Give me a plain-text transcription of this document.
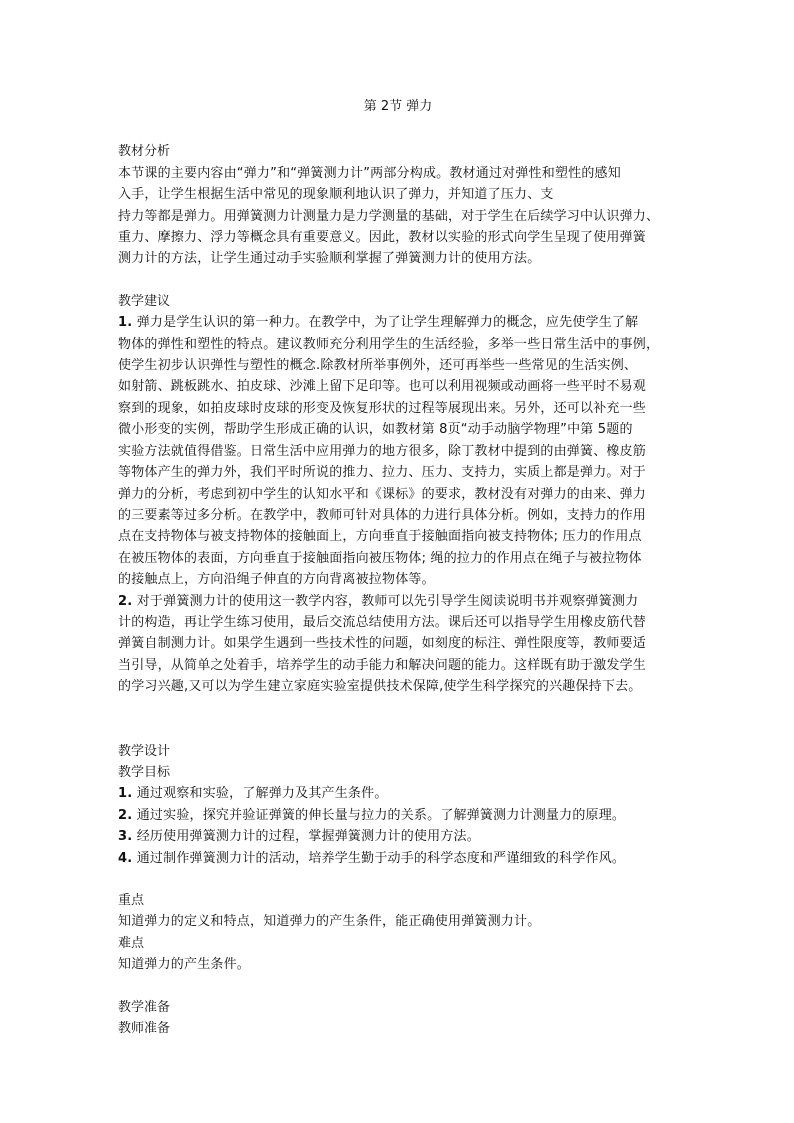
第 2节 弹力
教材分析

本节课的主要内容由“弹力”和“弹簧测力计”两部分构成。教材通过对弹性和塑性的感知
入手，让学生根据生活中常见的现象顺利地认识了弹力，并知道了压力、支
持力等都是弹力。用弹簧测力计测量力是力学测量的基础，对于学生在后续学习中认识弹力、
重力、摩擦力、浮力等概念具有重要意义。因此，教材以实验的形式向学生呈现了使用弹簧
测力计的方法，让学生通过动手实验顺利掌握了弹簧测力计的使用方法。

教学建议

1. 弹力是学生认识的第一种力。在教学中，为了让学生理解弹力的概念，应先使学生了解
物体的弹性和塑性的特点。建议教师充分利用学生的生活经验，多举一些日常生活中的事例，
使学生初步认识弹性与塑性的概念.除教材所举事例外，还可再举些一些常见的生活实例、
如射箭、跳板跳水、拍皮球、沙滩上留下足印等。也可以利用视频或动画将一些平时不易观
察到的现象，如拍皮球时皮球的形变及恢复形状的过程等展现出来。另外，还可以补充一些
微小形变的实例，帮助学生形成正确的认识，如教材第 8页“动手动脑学物理”中第 5题的
实验方法就值得借鉴。日常生活中应用弹力的地方很多，除丁教材中提到的由弹簧、橡皮筋
等物体产生的弹力外，我们平时所说的推力、拉力、压力、支持力，实质上都是弹力。对于
弹力的分析，考虑到初中学生的认知水平和《课标》的要求，教材没有对弹力的由来、弹力
的三要素等过多分析。在教学中，教师可针对具体的力进行具体分析。例如，支持力的作用
点在支持物体与被支持物体的接触面上，方向垂直于接触面指向被支持物体; 压力的作用点
在被压物体的表面，方向垂直于接触面指向被压物体; 绳的拉力的作用点在绳子与被拉物体
的接触点上，方向沿绳子伸直的方向背离被拉物体等。

2. 对于弹簧测力计的使用这一教学内容，教师可以先引导学生阅读说明书并观察弹簧测力
计的构造，再让学生练习使用，最后交流总结使用方法。课后还可以指导学生用橡皮筋代替
弹簧自制测力计。如果学生遇到一些技术性的问题，如刻度的标注、弹性限度等，教师要适
当引导，从简单之处着手，培养学生的动手能力和解决问题的能力。这样既有助于激发学生
的学习兴趣,又可以为学生建立家庭实验室提供技术保障,使学生科学探究的兴趣保持下去。

教学设计
教学目标

1. 通过观察和实验，了解弹力及其产生条件。
2. 通过实验，探究并验证弹簧的伸长量与拉力的关系。了解弹簧测力计测量力的原理。
3. 经历使用弹簧测力计的过程，掌握弹簧测力计的使用方法。
4. 通过制作弹簧测力计的活动，培养学生勤于动手的科学态度和严谨细致的科学作风。

重点

知道弹力的定义和特点，知道弹力的产生条件，能正确使用弹簧测力计。

难点

知道弹力的产生条件。

教学准备
教师准备
